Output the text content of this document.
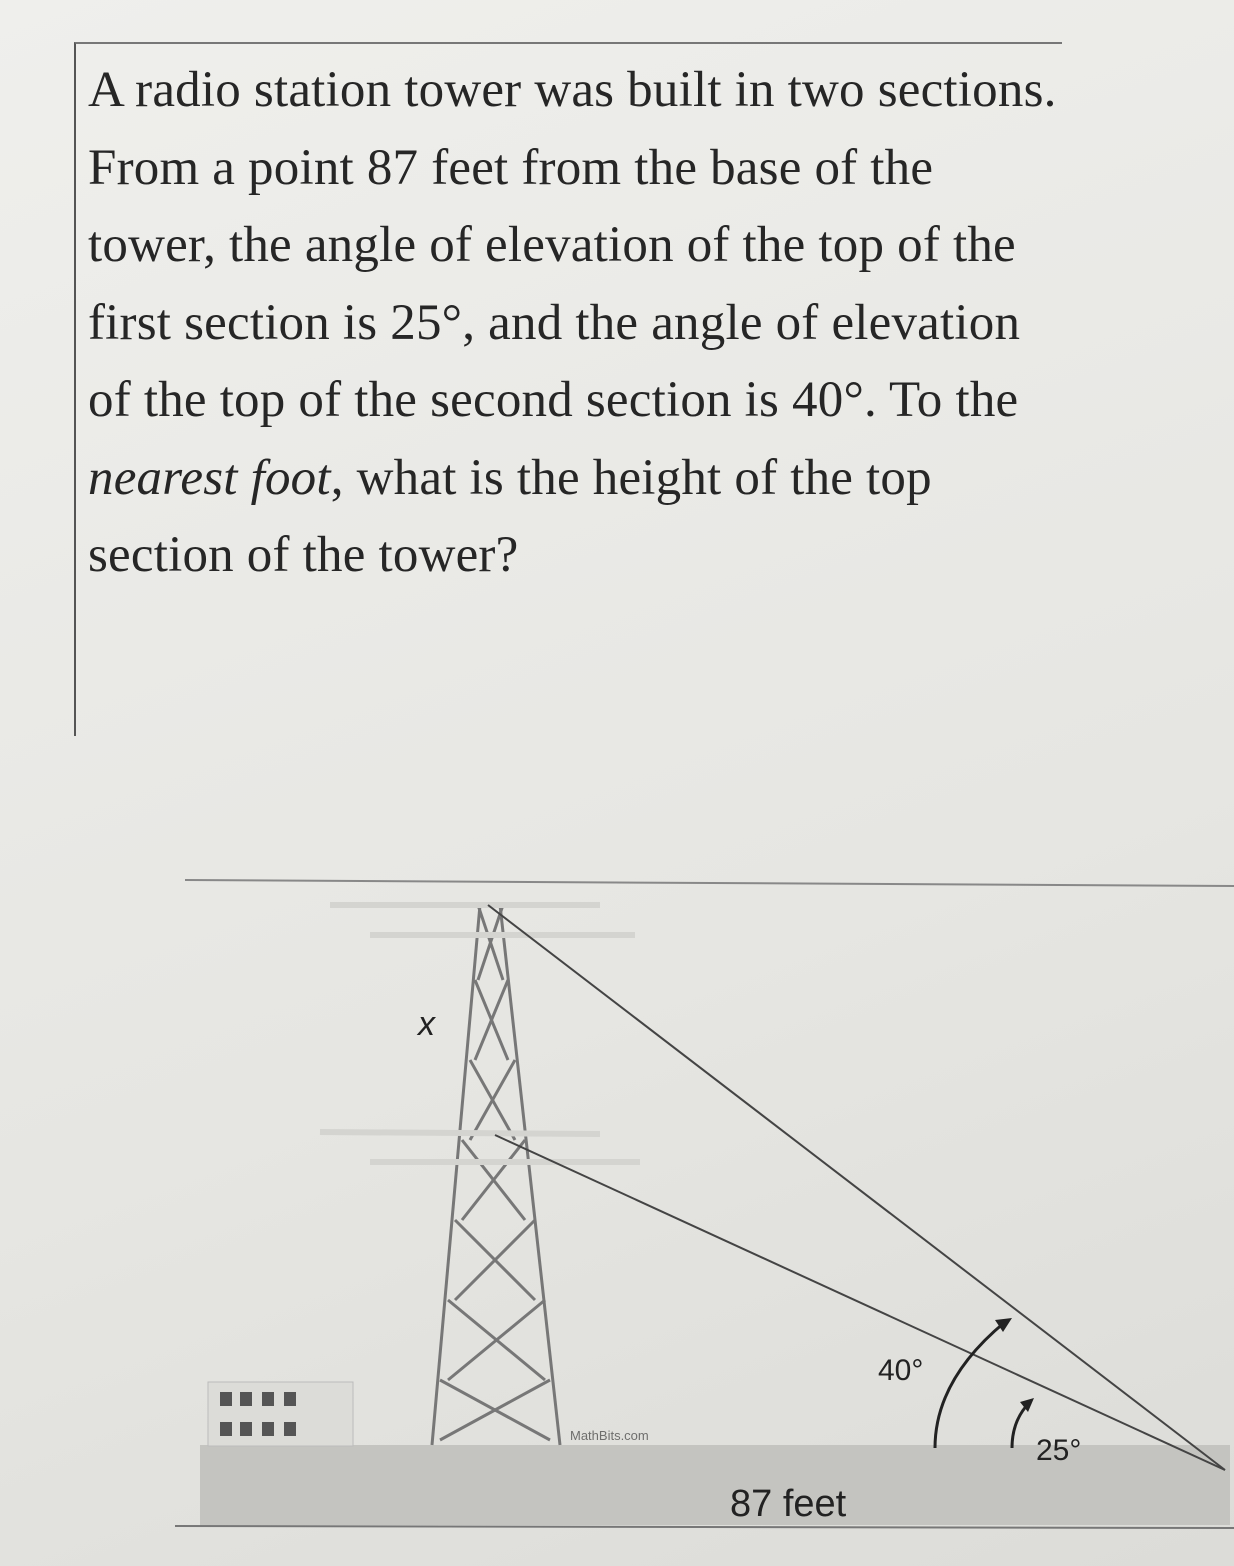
A radio station tower was built in two sections. From a point 87 feet from the base of the tower, the angle of elevation of the top of the first section is 25°, and the angle of elevation of the top of the second section is 40°. To the nearest foot, what is the height of the top section of the tower?
x
40°
25°
87 feet
MathBits.com
